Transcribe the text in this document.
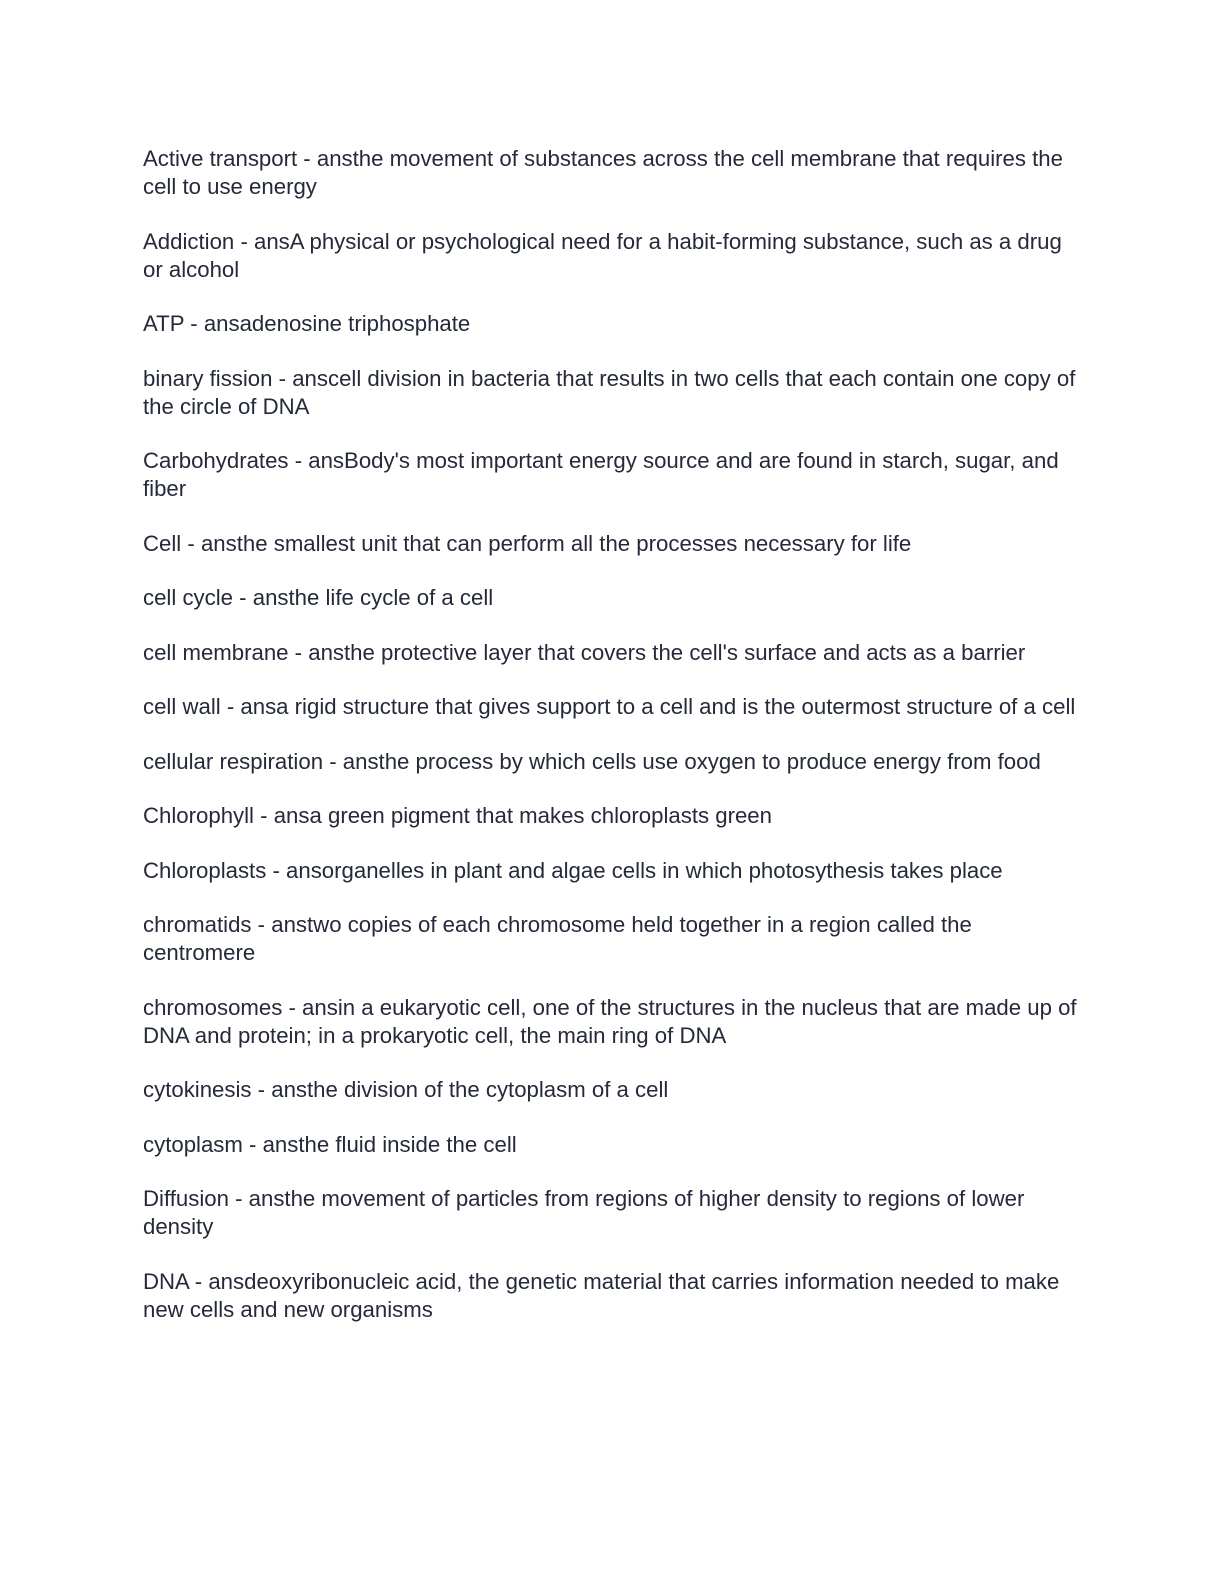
Active transport - ansthe movement of substances across the cell membrane that requires the cell to use energy
Addiction - ansA physical or psychological need for a habit-forming substance, such as a drug or alcohol
ATP - ansadenosine triphosphate
binary fission - anscell division in bacteria that results in two cells that each contain one copy of the circle of DNA
Carbohydrates - ansBody's most important energy source and are found in starch, sugar, and fiber
Cell - ansthe smallest unit that can perform all the processes necessary for life
cell cycle - ansthe life cycle of a cell
cell membrane - ansthe protective layer that covers the cell's surface and acts as a barrier
cell wall - ansa rigid structure that gives support to a cell and is the outermost structure of a cell
cellular respiration - ansthe process by which cells use oxygen to produce energy from food
Chlorophyll - ansa green pigment that makes chloroplasts green
Chloroplasts - ansorganelles in plant and algae cells in which photosythesis takes place
chromatids - anstwo copies of each chromosome held together in a region called the centromere
chromosomes - ansin a eukaryotic cell, one of the structures in the nucleus that are made up of DNA and protein; in a prokaryotic cell, the main ring of DNA
cytokinesis - ansthe division of the cytoplasm of a cell
cytoplasm - ansthe fluid inside the cell
Diffusion - ansthe movement of particles from regions of higher density to regions of lower density
DNA - ansdeoxyribonucleic acid, the genetic material that carries information needed to make new cells and new organisms
